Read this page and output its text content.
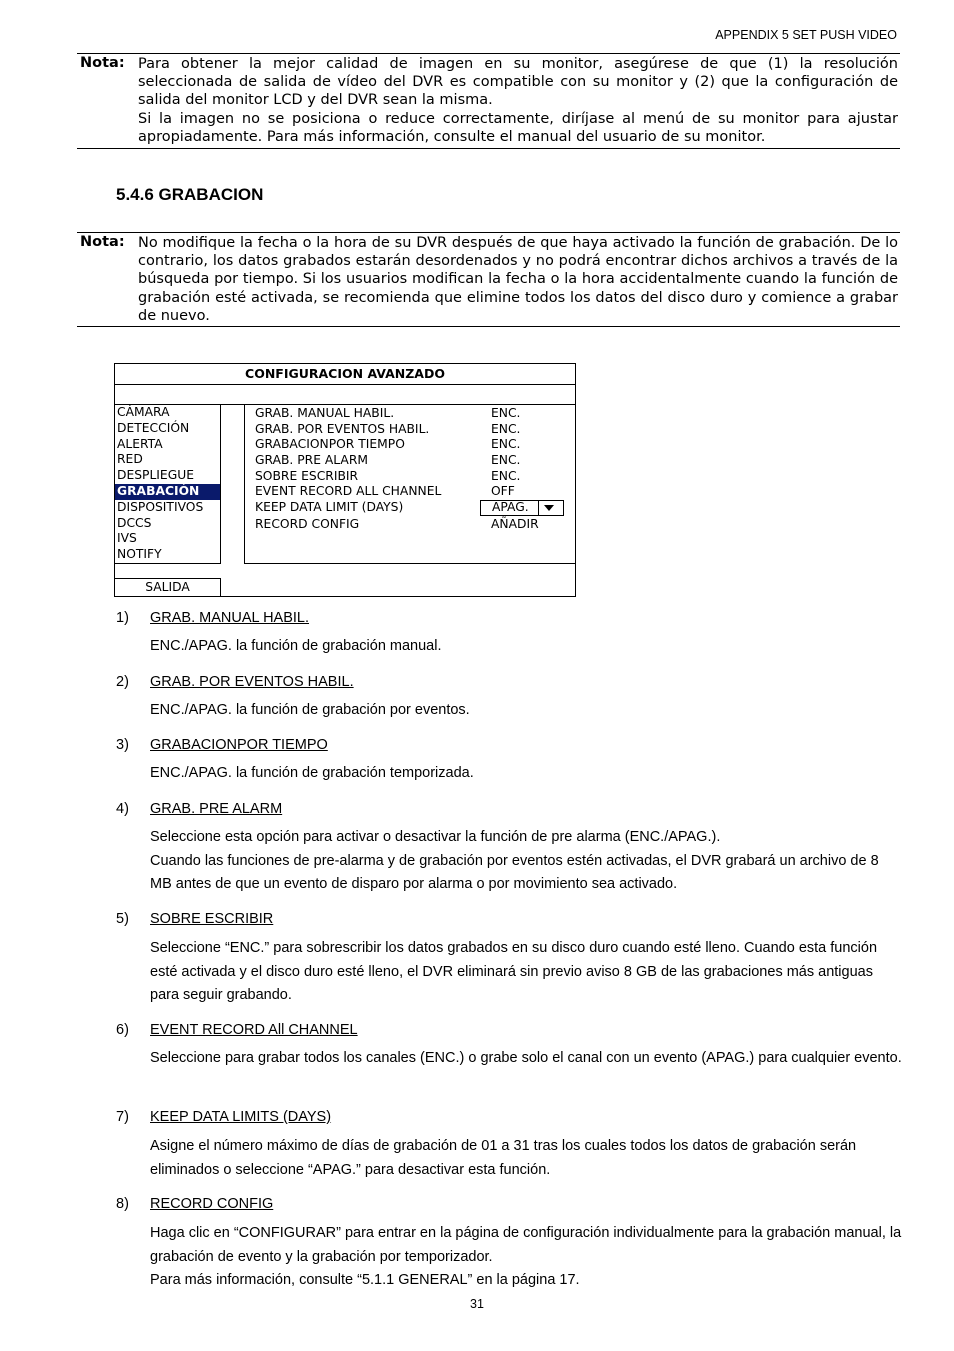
APPENDIX 5 SET PUSH VIDEO
Nota: Para obtener la mejor calidad de imagen en su monitor, asegúrese de que (1) la resolución seleccionada de salida de vídeo del DVR es compatible con su monitor y (2) que la configuración de salida del monitor LCD y del DVR sean la misma.

Si la imagen no se posiciona o reduce correctamente, diríjase al menú de su monitor para ajustar apropiadamente. Para más información, consulte el manual del usuario de su monitor.

5.4.6 GRABACION
Nota: No modifique la fecha o la hora de su DVR después de que haya activado la función de grabación. De lo contrario, los datos grabados estarán desordenados y no podrá encontrar dichos archivos a través de la búsqueda por tiempo. Si los usuarios modifican la fecha o la hora accidentalmente cuando la función de grabación esté activada, se recomienda que elimine todos los datos del disco duro y comience a grabar de nuevo.
CONFIGURACION AVANZADO
CÁMARA
DETECCIÓN
ALERTA
RED
DESPLIEGUE
GRABACIÓN
DISPOSITIVOS
DCCS
IVS
NOTIFY
GRAB. MANUAL HABIL.	ENC.
GRAB. POR EVENTOS HABIL.	ENC.
GRABACIONPOR TIEMPO	ENC.
GRAB. PRE ALARM	ENC.
SOBRE ESCRIBIR	ENC.
EVENT RECORD ALL CHANNEL	OFF
KEEP DATA LIMIT (DAYS)	APAG.
RECORD CONFIG	AÑADIR
SALIDA
1) GRAB. MANUAL HABIL.

ENC./APAG. la función de grabación manual.

2) GRAB. POR EVENTOS HABIL.

ENC./APAG. la función de grabación por eventos.

3) GRABACIONPOR TIEMPO

ENC./APAG. la función de grabación temporizada.

4) GRAB. PRE ALARM

Seleccione esta opción para activar o desactivar la función de pre alarma (ENC./APAG.).

Cuando las funciones de pre-alarma y de grabación por eventos estén activadas, el DVR grabará un archivo de 8 MB antes de que un evento de disparo por alarma o por movimiento sea activado.

5) SOBRE ESCRIBIR

Seleccione “ENC.” para sobrescribir los datos grabados en su disco duro cuando esté lleno. Cuando esta función esté activada y el disco duro esté lleno, el DVR eliminará sin previo aviso 8 GB de las grabaciones más antiguas para seguir grabando.

6) EVENT RECORD All CHANNEL

Seleccione para grabar todos los canales (ENC.) o grabe solo el canal con un evento (APAG.) para cualquier evento.

7) KEEP DATA LIMITS (DAYS)

Asigne el número máximo de días de grabación de 01 a 31 tras los cuales todos los datos de grabación serán eliminados o seleccione “APAG.” para desactivar esta función.

8) RECORD CONFIG

Haga clic en “CONFIGURAR” para entrar en la página de configuración individualmente para la grabación manual, la grabación de evento y la grabación por temporizador.

Para más información, consulte “5.1.1 GENERAL” en la página 17.

31
